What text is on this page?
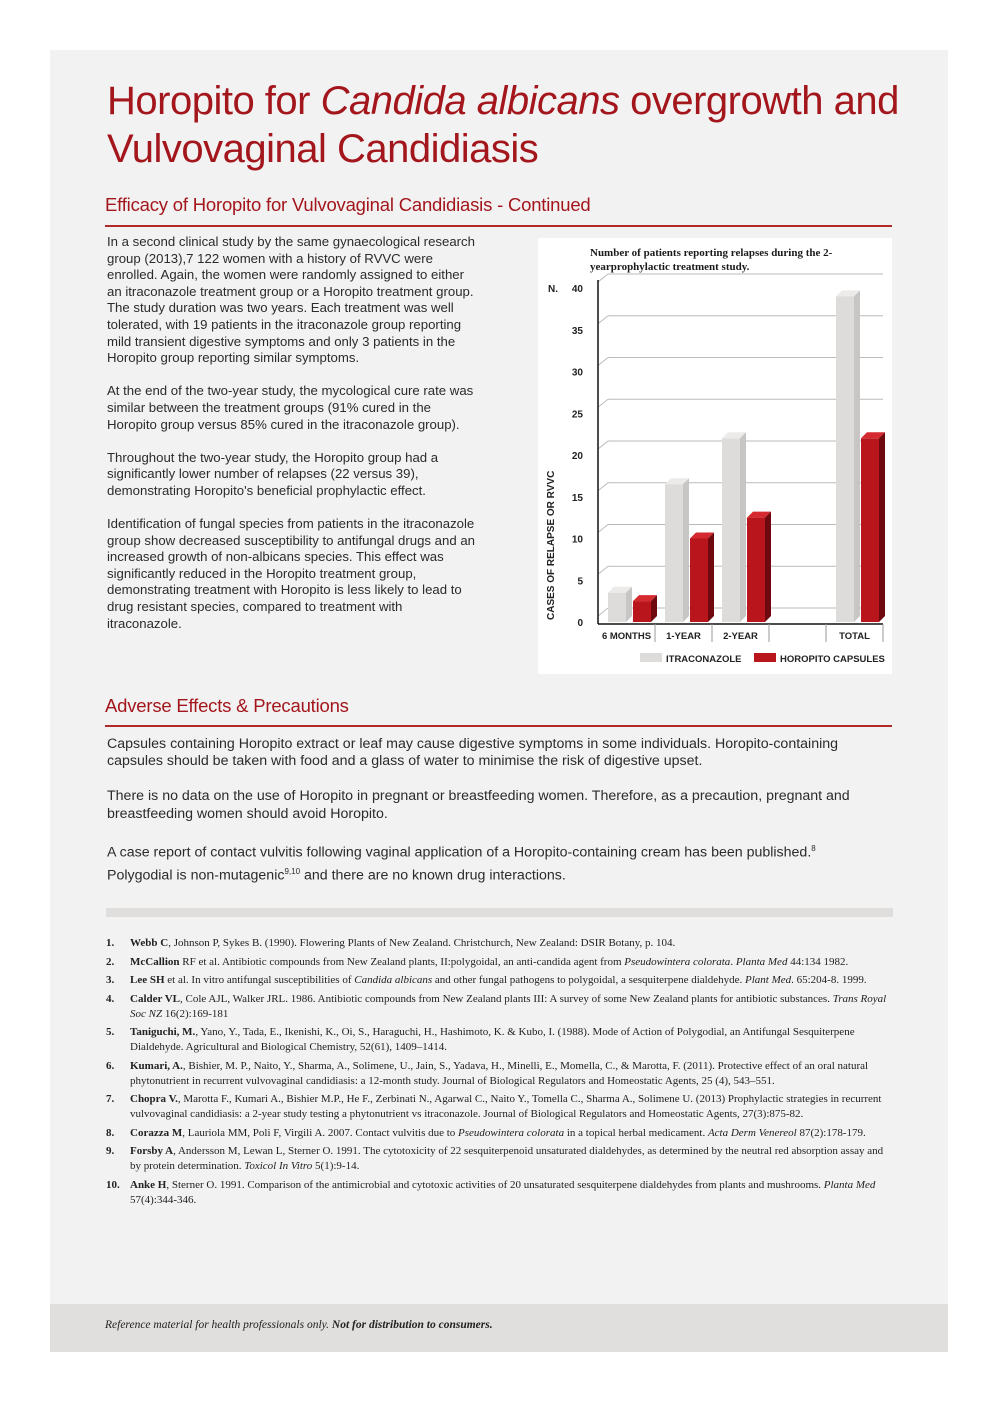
Horopito for Candida albicans overgrowth and Vulvovaginal Candidiasis
Efficacy of Horopito for Vulvovaginal Candidiasis - Continued

In a second clinical study by the same gynaecological research group (2013),7 122 women with a history of RVVC were enrolled. Again, the women were randomly assigned to either an itraconazole treatment group or a Horopito treatment group. The study duration was two years. Each treatment was well tolerated, with 19 patients in the itraconazole group reporting mild transient digestive symptoms and only 3 patients in the Horopito group reporting similar symptoms.

At the end of the two-year study, the mycological cure rate was similar between the treatment groups (91% cured in the Horopito group versus 85% cured in the itraconazole group).

Throughout the two-year study, the Horopito group had a significantly lower number of relapses (22 versus 39), demonstrating Horopito's beneficial prophylactic effect.

Identification of fungal species from patients in the itraconazole group show decreased susceptibility to antifungal drugs and an increased growth of non-albicans species. This effect was significantly reduced in the Horopito treatment group, demonstrating treatment with Horopito is less likely to lead to drug resistant species, compared to treatment with itraconazole.

Number of patients reporting relapses during the 2-yearprophylactic treatment study.
0
5
10
15
20
25
30
35
40
N.
CASES OF RELAPSE OR RVVC
6 MONTHS 1-YEAR 2-YEAR	TOTAL
ITRACONAZOLE	HOROPITO CAPSULES
Adverse Effects & Precautions

Capsules containing Horopito extract or leaf may cause digestive symptoms in some individuals. Horopito-containing capsules should be taken with food and a glass of water to minimise the risk of digestive upset.

There is no data on the use of Horopito in pregnant or breastfeeding women. Therefore, as a precaution, pregnant and breastfeeding women should avoid Horopito.

A case report of contact vulvitis following vaginal application of a Horopito-containing cream has been published.$^8$
Polygodial is non-mutagenic$^{9,10}$ and there are no known drug interactions.

1.	Webb C, Johnson P, Sykes B. (1990). Flowering Plants of New Zealand. Christchurch, New Zealand: DSIR Botany, p. 104.
2.	McCallion RF et al. Antibiotic compounds from New Zealand plants, II:polygoidal, an anti-candida agent from Pseudowintera colorata. Planta Med 44:134 1982.
3.	Lee SH et al. In vitro antifungal susceptibilities of Candida albicans and other fungal pathogens to polygoidal, a sesquiterpene dialdehyde. Plant Med. 65:204-8. 1999.
4.	Calder VL, Cole AJL, Walker JRL. 1986. Antibiotic compounds from New Zealand plants III: A survey of some New Zealand plants for antibiotic substances. Trans Royal Soc NZ 16(2):169-181
5.	Taniguchi, M., Yano, Y., Tada, E., Ikenishi, K., Oi, S., Haraguchi, H., Hashimoto, K. & Kubo, I. (1988). Mode of Action of Polygodial, an Antifungal Sesquiterpene Dialdehyde. Agricultural and Biological Chemistry, 52(61), 1409–1414.
6.	Kumari, A., Bishier, M. P., Naito, Y., Sharma, A., Solimene, U., Jain, S., Yadava, H., Minelli, E., Momella, C., & Marotta, F. (2011). Protective effect of an oral natural phytonutrient in recurrent vulvovaginal candidiasis: a 12-month study. Journal of Biological Regulators and Homeostatic Agents, 25 (4), 543–551.
7.	Chopra V., Marotta F., Kumari A., Bishier M.P., He F., Zerbinati N., Agarwal C., Naito Y., Tomella C., Sharma A., Solimene U. (2013) Prophylactic strategies in recurrent vulvovaginal candidiasis: a 2-year study testing a phytonutrient vs itraconazole. Journal of Biological Regulators and Homeostatic Agents, 27(3):875-82.
8.	Corazza M, Lauriola MM, Poli F, Virgili A. 2007. Contact vulvitis due to Pseudowintera colorata in a topical herbal medicament. Acta Derm Venereol 87(2):178-179.
9.	Forsby A, Andersson M, Lewan L, Sterner O. 1991. The cytotoxicity of 22 sesquiterpenoid unsaturated dialdehydes, as determined by the neutral red absorption assay and by protein determination. Toxicol In Vitro 5(1):9-14.
10. Anke H, Sterner O. 1991. Comparison of the antimicrobial and cytotoxic activities of 20 unsaturated sesquiterpene dialdehydes from plants and mushrooms. Planta Med 57(4):344-346.
Reference material for health professionals only. Not for distribution to consumers.
